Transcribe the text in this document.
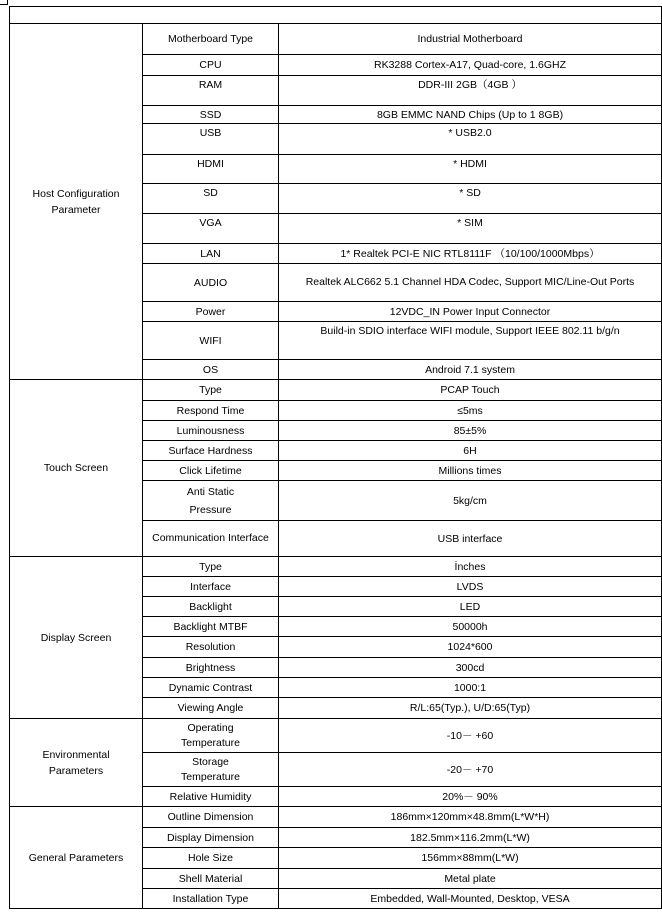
Host Configuration Parameter	Motherboard Type	Industrial Motherboard
	CPU	RK3288 Cortex-A17, Quad-core, 1.6GHZ
	RAM	DDR-III 2GB（4GB ）
	SSD	8GB EMMC NAND Chips (Up to 1 8GB)
	USB	* USB2.0
	HDMI	* HDMI
	SD	* SD
	VGA	* SIM
	LAN	1* Realtek PCI-E NIC RTL8111F （10/100/1000Mbps）
	AUDIO	Realtek ALC662 5.1 Channel HDA Codec, Support MIC/Line-Out Ports
	Power	12VDC_IN Power Input Connector
	WIFI	Build-in SDIO interface WIFI module, Support IEEE 802.11 b/g/n
	OS	Android 7.1 system
Touch Screen	Type	PCAP Touch
	Respond Time	≤5ms
	Luminousness	85±5%
	Surface Hardness	6H
	Click Lifetime	Millions times
	Anti Static Pressure	5kg/cm
	Communication Interface	USB interface
Display Screen	Type	İnches
	Interface	LVDS
	Backlight	LED
	Backlight MTBF	50000h
	Resolution	1024*600
	Brightness	300cd
	Dynamic Contrast	1000:1
	Viewing Angle	R/L:65(Typ.), U/D:65(Typ)
Environmental Parameters	Operating Temperature	-10－ +60
	Storage Temperature	-20－ +70
	Relative Humidity	20%－ 90%
General Parameters	Outline Dimension	186mm×120mm×48.8mm(L*W*H)
	Display Dimension	182.5mm×116.2mm(L*W)
	Hole Size	156mm×88mm(L*W)
	Shell Material	Metal plate
	Installation Type	Embedded, Wall-Mounted, Desktop, VESA
